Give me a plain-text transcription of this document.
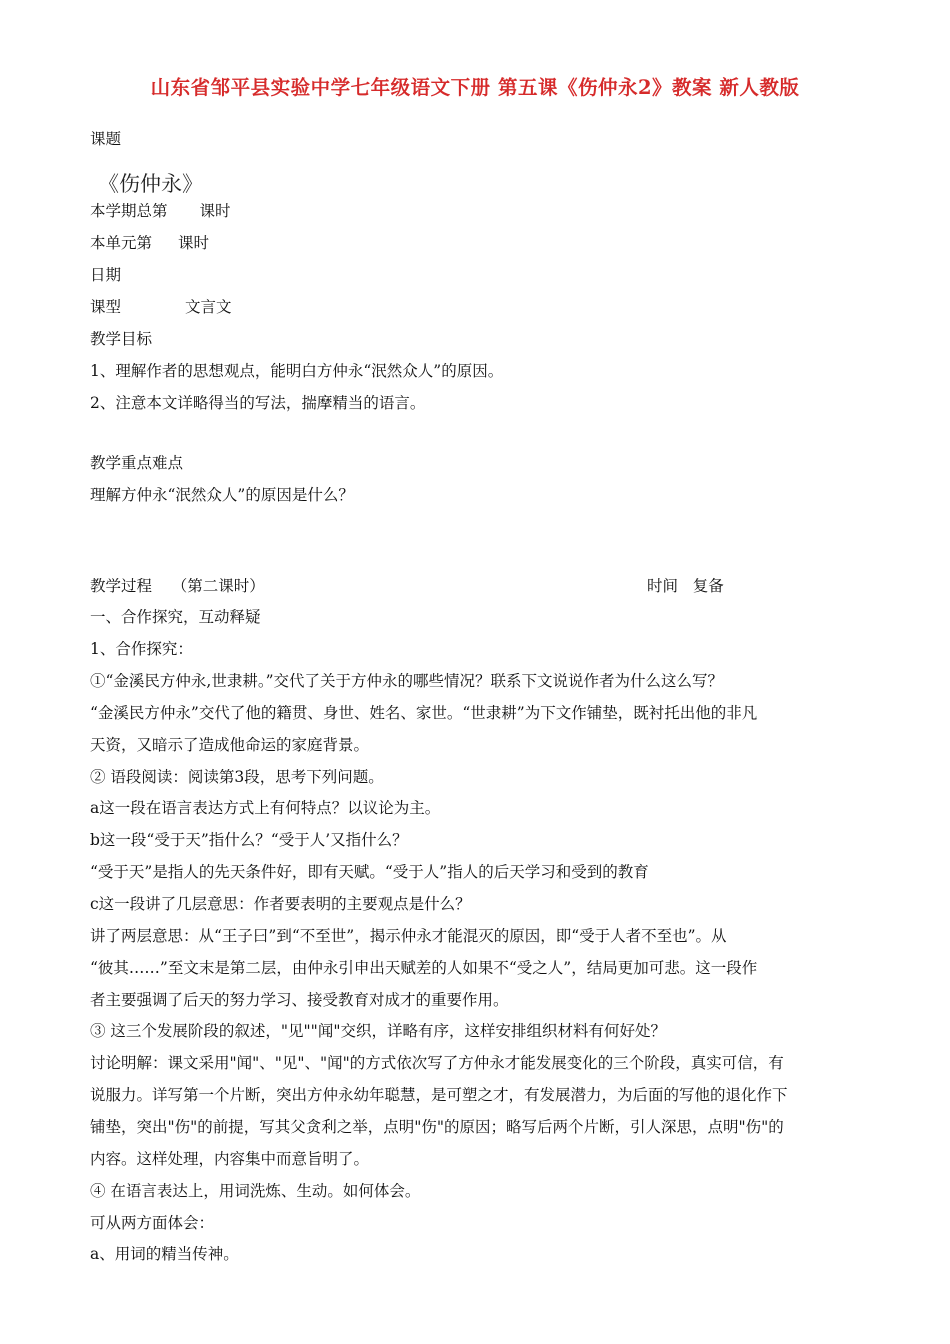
山东省邹平县实验中学七年级语文下册 第五课《伤仲永2》教案 新人教版
课题
《伤仲永》
本学期总第 课时
本单元第 课时
日期
课型	文言文
教学目标
1、理解作者的思想观点，能明白方仲永“泯然众人”的原因。
2、注意本文详略得当的写法，揣摩精当的语言。
教学重点难点
理解方仲永“泯然众人”的原因是什么？
教学过程 （第二课时）	时间 复备
一、合作探究，互动释疑
1、合作探究：
①“金溪民方仲永,世隶耕。”交代了关于方仲永的哪些情况？联系下文说说作者为什么这么写？
“金溪民方仲永”交代了他的籍贯、身世、姓名、家世。“世隶耕”为下文作铺垫，既衬托出他的非凡
天资，又暗示了造成他命运的家庭背景。
② 语段阅读：阅读第3段，思考下列问题。
a这一段在语言表达方式上有何特点？以议论为主。
b这一段“受于天”指什么？“受于人’又指什么？
“受于天”是指人的先天条件好，即有天赋。“受于人”指人的后天学习和受到的教育
c这一段讲了几层意思：作者要表明的主要观点是什么？
讲了两层意思：从“王子曰”到“不至世”，揭示仲永才能混灭的原因，即“受于人者不至也”。从
“彼其……”至文末是第二层，由仲永引申出天赋差的人如果不“受之人”，结局更加可悲。这一段作
者主要强调了后天的努力学习、接受教育对成才的重要作用。
③ 这三个发展阶段的叙述，"见""闻"交织，详略有序，这样安排组织材料有何好处？
讨论明解：课文采用"闻"、"见"、"闻"的方式依次写了方仲永才能发展变化的三个阶段，真实可信，有
说服力。详写第一个片断，突出方仲永幼年聪慧，是可塑之才，有发展潜力，为后面的写他的退化作下
铺垫，突出"伤"的前提，写其父贪利之举，点明"伤"的原因；略写后两个片断，引人深思，点明"伤"的
内容。这样处理，内容集中而意旨明了。
④ 在语言表达上，用词洗炼、生动。如何体会。
可从两方面体会：
a、用词的精当传神。
